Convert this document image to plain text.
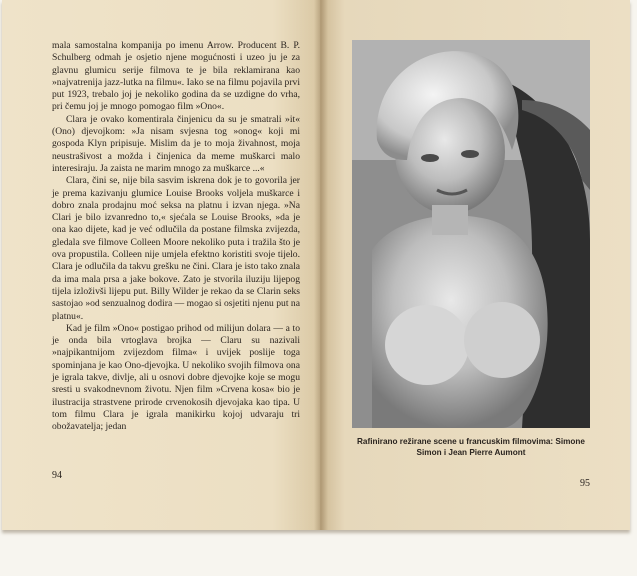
mala samostalna kompanija po imenu Arrow. Producent B. P. Schulberg odmah je osjetio njene mogućnosti i uzeo ju je za glavnu glumicu serije filmova te je bila reklamirana kao »najvatrenija jazz-lutka na filmu«. Iako se na filmu pojavila prvi put 1923, trebalo joj je nekoliko godina da se uzdigne do vrha, pri čemu joj je mnogo pomogao film »Ono«.

Clara je ovako komentirala činjenicu da su je smatrali »it« (Ono) djevojkom: »Ja nisam svjesna tog »onog« koji mi gospoda Klyn pripisuje. Mislim da je to moja živahnost, moja neustrašivost a možda i činjenica da meme muškarci malo interesiraju. Ja zaista ne marim mnogo za muškarce ...«

Clara, čini se, nije bila sasvim iskrena dok je to govorila jer je prema kazivanju glumice Louise Brooks voljela muškarce i dobro znala prodajnu moć seksa na platnu i izvan njega. »Na Clari je bilo izvanredno to,« sjećala se Louise Brooks, »da je ona kao dijete, kad je već odlučila da postane filmska zvijezda, gledala sve filmove Colleen Moore nekoliko puta i tražila što je ova propustila. Colleen nije umjela efektno koristiti svoje tijelo. Clara je odlučila da takvu grešku ne čini. Clara je isto tako znala da ima mala prsa a jake bokove. Zato je stvorila iluziju lijepog tijela izloživši lijepu put. Billy Wilder je rekao da se Clarin seks sastojao »od senzualnog dodira — mogao si osjetiti njenu put na platnu«.

Kad je film »Ono« postigao prihod od milijun dolara — a to je onda bila vrtoglava brojka — Claru su nazivali »najpikantnijom zvijezdom filma« i uvijek poslije toga spominjana je kao Ono-djevojka. U nekoliko svojih filmova ona je igrala takve, divlje, ali u osnovi dobre djevojke koje se mogu sresti u svakodnevnom životu. Njen film »Crvena kosa« bio je ilustracija strastvene prirode crvenokosih djevojaka kao tipa. U tom filmu Clara je igrala manikirku kojoj udvaraju tri obožavatelja; jedan

94
Rafinirano režirane scene u francuskim filmovima: Simone
Simon i Jean Pierre Aumont
95
